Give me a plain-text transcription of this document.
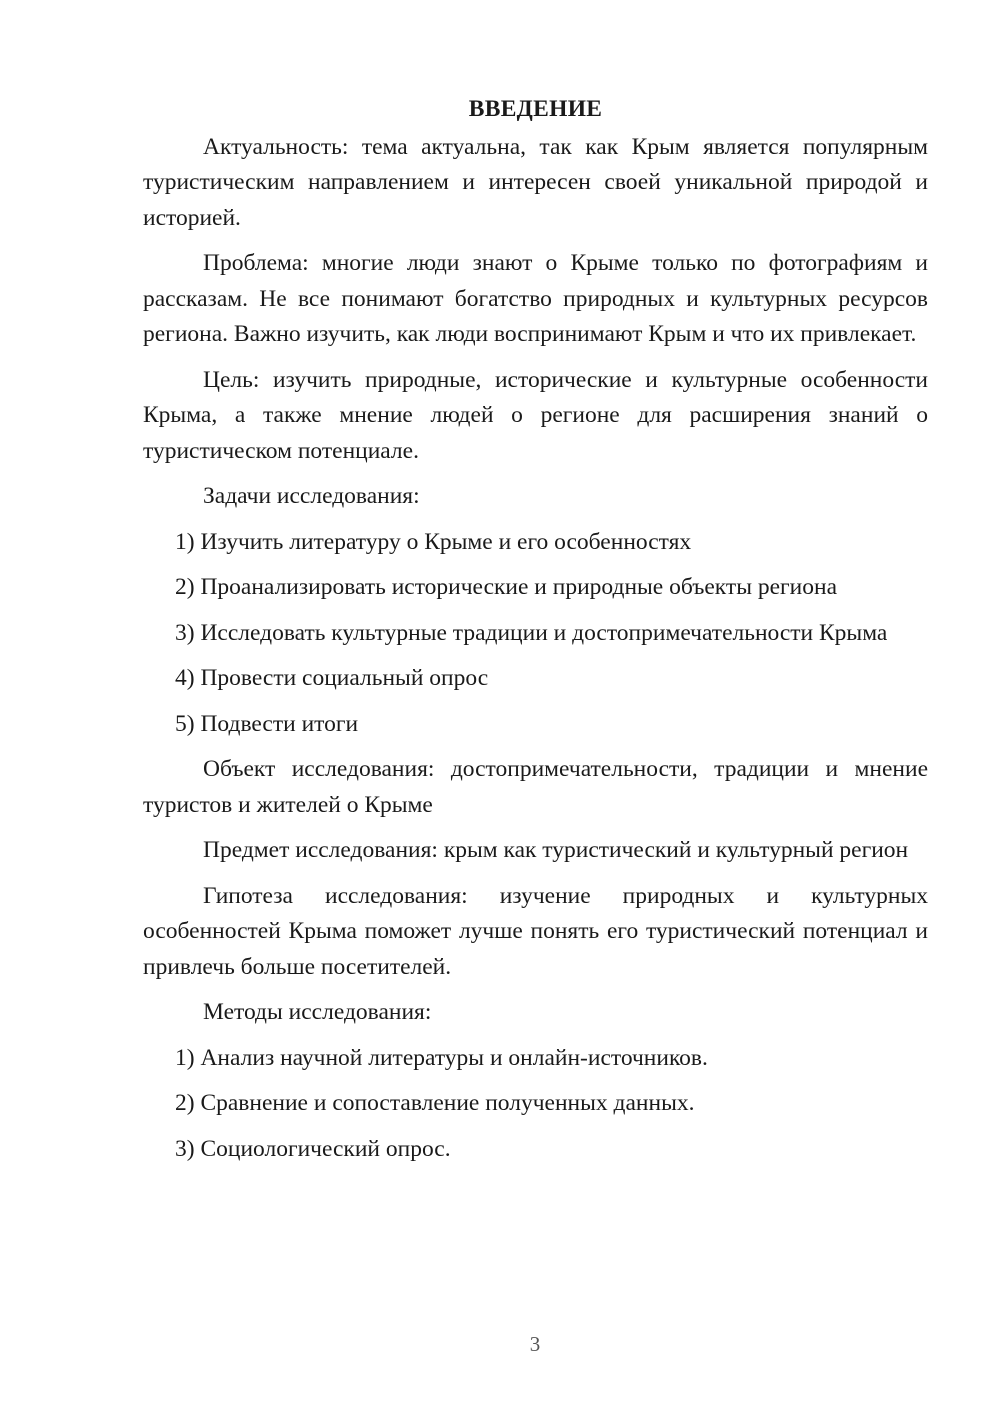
ВВЕДЕНИЕ

Актуальность: тема актуальна, так как Крым является популярным туристическим направлением и интересен своей уникальной природой и историей.

Проблема: многие люди знают о Крыме только по фотографиям и рассказам. Не все понимают богатство природных и культурных ресурсов региона. Важно изучить, как люди воспринимают Крым и что их привлекает.

Цель: изучить природные, исторические и культурные особенности Крыма, а также мнение людей о регионе для расширения знаний о туристическом потенциале.

Задачи исследования:

1) Изучить литературу о Крыме и его особенностях

2) Проанализировать исторические и природные объекты региона

3) Исследовать культурные традиции и достопримечательности Крыма

4) Провести социальный опрос

5) Подвести итоги

Объект исследования: достопримечательности, традиции и мнение туристов и жителей о Крыме

Предмет исследования: крым как туристический и культурный регион

Гипотеза исследования: изучение природных и культурных особенностей Крыма поможет лучше понять его туристический потенциал и привлечь больше посетителей.

Методы исследования:

1) Анализ научной литературы и онлайн-источников.

2) Сравнение и сопоставление полученных данных.

3) Социологический опрос.

3
